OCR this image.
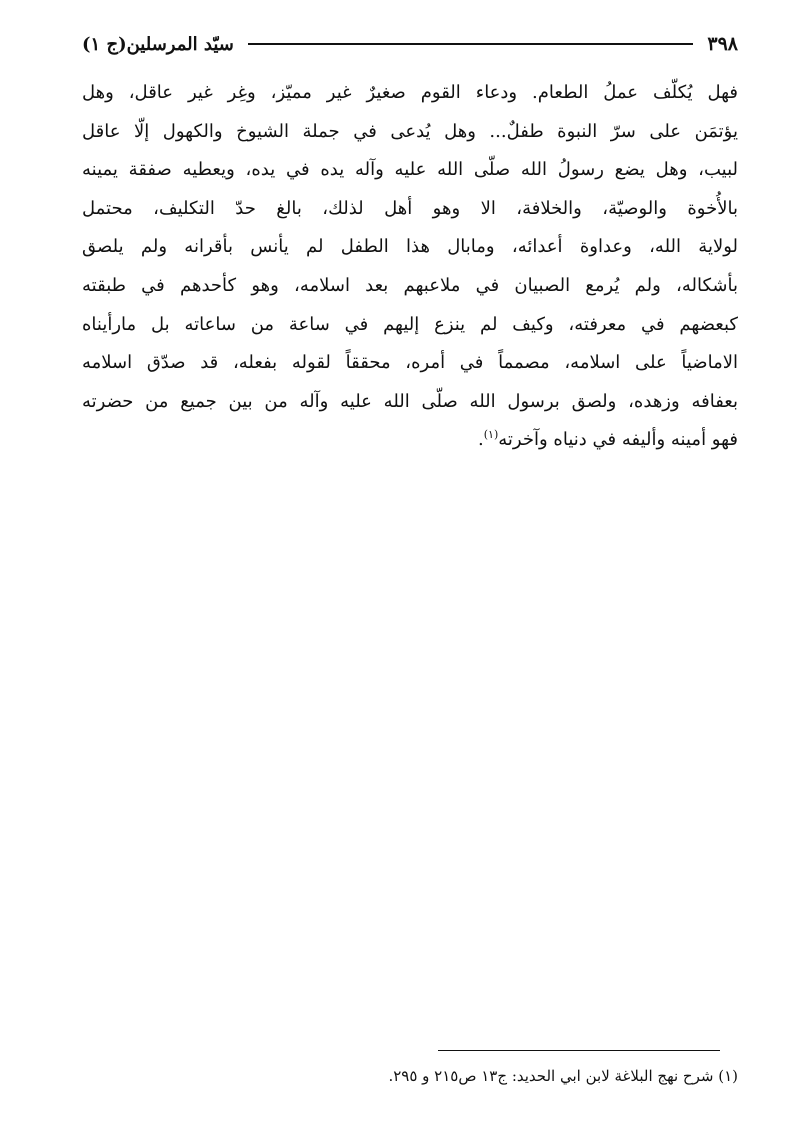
٣٩٨
سيّد المرسلين(ج ١)
فهل يُكلّف عملُ الطعام. ودعاء القوم صغيرٌ غير مميّز، وغِر غير عاقل، وهل
يؤتمَن على سرّ النبوة طفلٌ... وهل يُدعى في جملة الشيوخ والكهول إلّا عاقل
لبيب، وهل يضع رسولُ الله صلّى الله عليه وآله يده في يده، ويعطيه صفقة يمينه
بالأُخوة والوصيّة، والخلافة، الا وهو أهل لذلك، بالغ حدّ التكليف، محتمل
لولاية الله، وعداوة أعدائه، ومابال هذا الطفل لم يأنس بأقرانه ولم يلصق
بأشكاله، ولم يُرمع الصبيان في ملاعبهم بعد اسلامه، وهو كأحدهم في طبقته
كبعضهم في معرفته، وكيف لم ينزع إليهم في ساعة من ساعاته بل مارأيناه
الاماضياً على اسلامه، مصمماً في أمره، محققاً لقوله بفعله، قد صدّق اسلامه
بعفافه وزهده، ولصق برسول الله صلّى الله عليه وآله من بين جميع من حضرته
فهو أمينه وأليفه في دنياه وآخرته$^{(١)}$.
(١) شرح نهج البلاغة لابن ابي الحديد: ج١٣ ص٢١٥ و ٢٩٥.
